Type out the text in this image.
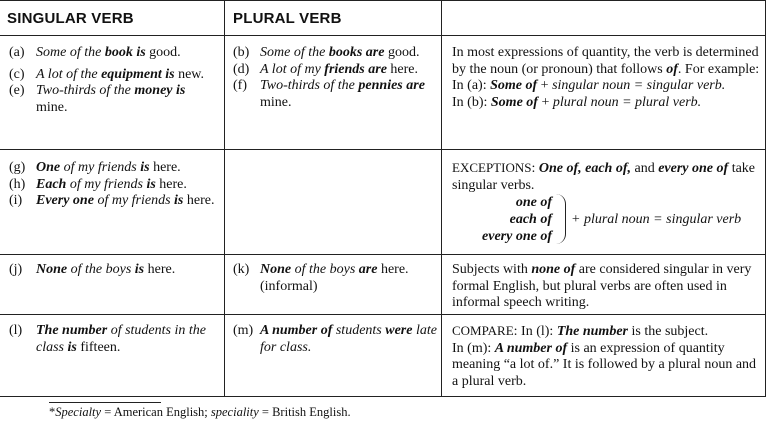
SINGULAR VERB	PLURAL VERB
(a) Some of the book is good.
(c) A lot of the equipment is new.
(e) Two-thirds of the money is mine.
(b) Some of the books are good.
(d) A lot of my friends are here.
(f) Two-thirds of the pennies are mine.
In most expressions of quantity, the verb is determined by the noun (or pronoun) that follows of. For example:
In (a): Some of + singular noun = singular verb.
In (b): Some of + plural noun = plural verb.
(g) One of my friends is here.
(h) Each of my friends is here.
(i) Every one of my friends is here.
EXCEPTIONS: One of, each of, and every one of take singular verbs.
one of
each of
every one of
+ plural noun = singular verb
(j) None of the boys is here.	(k) None of the boys are here.
(informal)
Subjects with none of are considered singular in very formal English, but plural verbs are often used in informal speech writing.
(l) The number of students in the class is fifteen.
(m) A number of students were late for class.
COMPARE: In (l): The number is the subject.
In (m): A number of is an expression of quantity meaning “a lot of.” It is followed by a plural noun and a plural verb.
*Specialty = American English; speciality = British English.
